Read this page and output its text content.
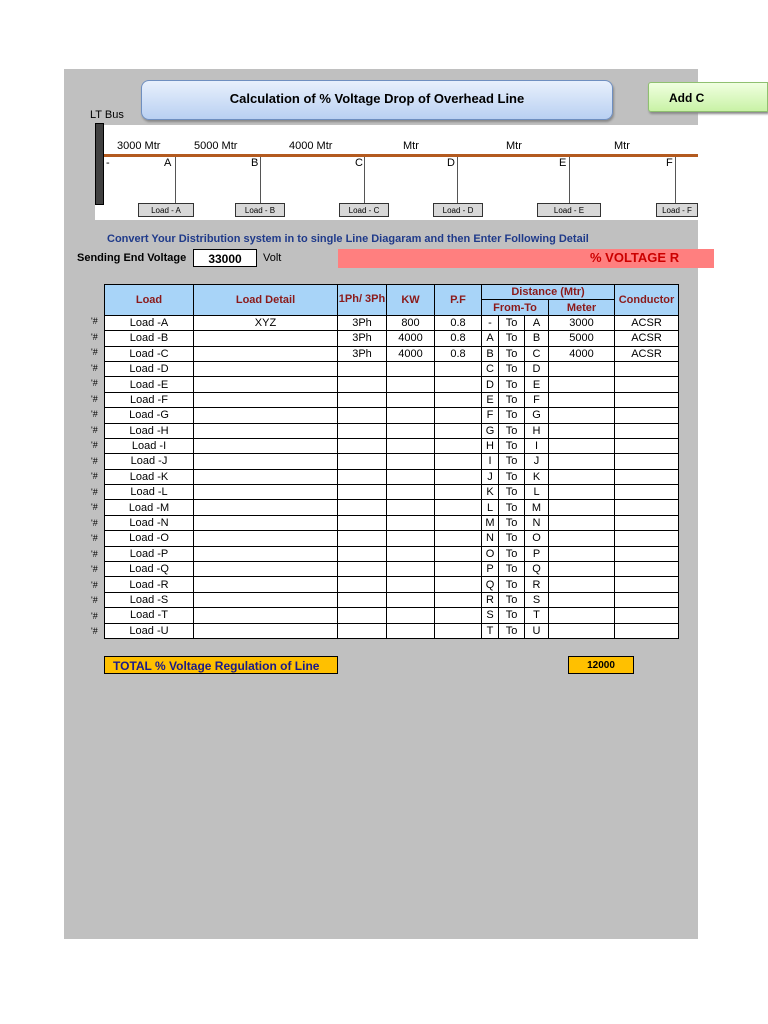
Calculation of % Voltage Drop of Overhead Line	Add C
LT Bus
3000 Mtr	5000 Mtr	4000 Mtr	Mtr	Mtr	Mtr
-	A	B	C	D	E	F
Load - A	Load - B	Load - C	Load - D	Load - E	Load - F
Convert Your Distribution system in to single Line Diagaram and then Enter Following Detail
Sending End Voltage	33000	Volt	% VOLTAGE R
Load	Load Detail	1Ph/ 3Ph	KW	P.F	Distance (Mtr)				Conductor
					From-To			Meter	
Load -A	XYZ	3Ph	800	0.8	-	To	A	3000	ACSR
Load -B		3Ph	4000	0.8	A	To	B	5000	ACSR
Load -C		3Ph	4000	0.8	B	To	C	4000	ACSR
Load -D					C	To	D		
Load -E					D	To	E		
Load -F					E	To	F		
Load -G					F	To	G		
Load -H					G	To	H		
Load -I					H	To	I		
Load -J					I	To	J		
Load -K					J	To	K		
Load -L					K	To	L		
Load -M					L	To	M		
Load -N					M	To	N		
Load -O					N	To	O		
Load -P					O	To	P		
Load -Q					P	To	Q		
Load -R					Q	To	R		
Load -S					R	To	S		
Load -T					S	To	T		
Load -U					T	To	U		
'#
'#
'#
'#
'#
'#
'#
'#
'#
'#
'#
'#
'#
'#
'#
'#
'#
'#
'#
'#
'#
TOTAL % Voltage Regulation of Line	12000
